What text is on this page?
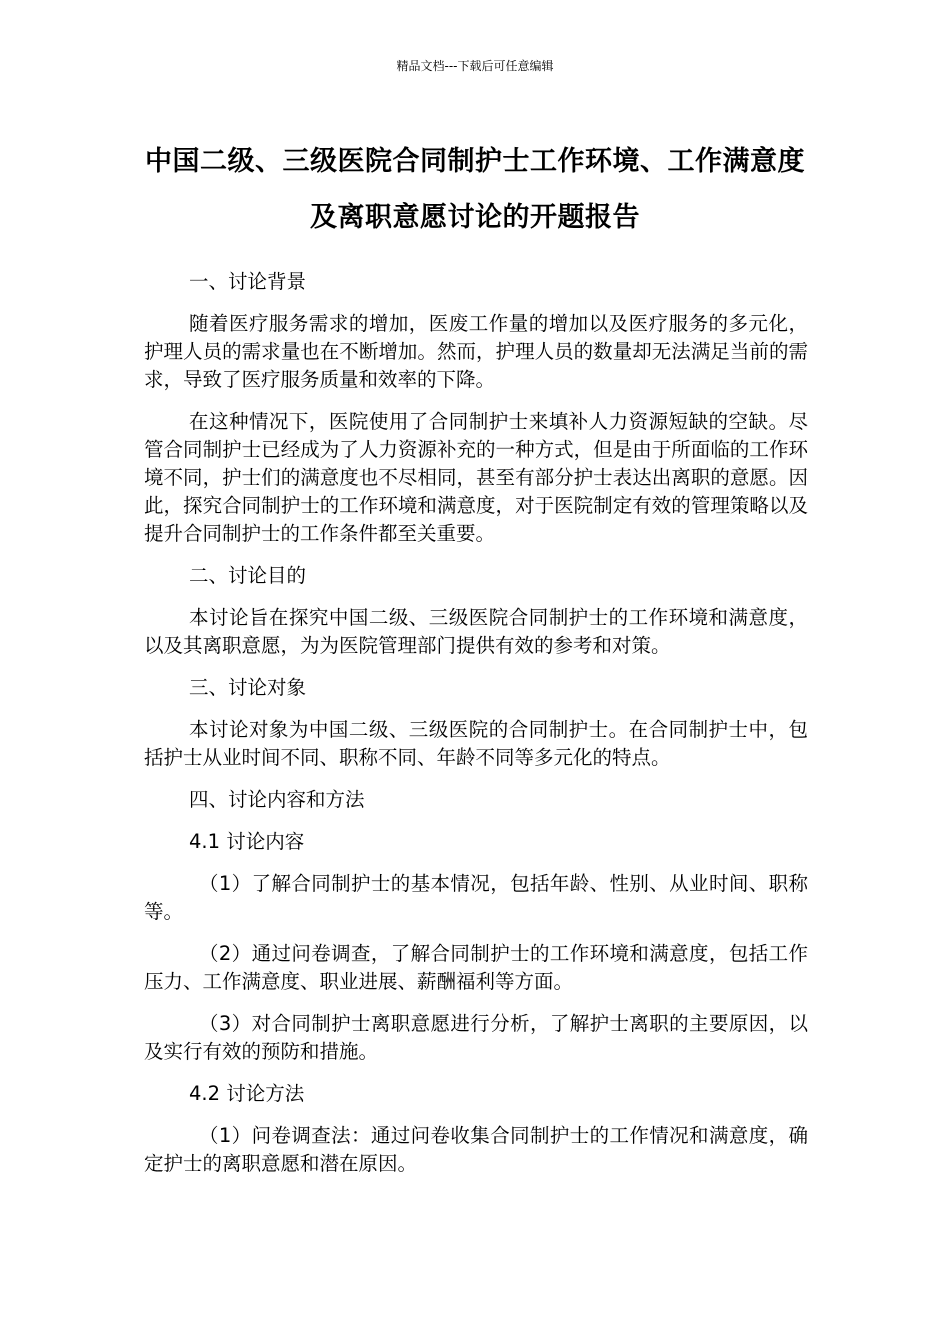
精品文档---下载后可任意编辑
中国二级、三级医院合同制护士工作环境、工作满意度及离职意愿讨论的开题报告

一、讨论背景

随着医疗服务需求的增加，医废工作量的增加以及医疗服务的多元化，护理人员的需求量也在不断增加。然而，护理人员的数量却无法满足当前的需求，导致了医疗服务质量和效率的下降。

在这种情况下，医院使用了合同制护士来填补人力资源短缺的空缺。尽管合同制护士已经成为了人力资源补充的一种方式，但是由于所面临的工作环境不同，护士们的满意度也不尽相同，甚至有部分护士表达出离职的意愿。因此，探究合同制护士的工作环境和满意度，对于医院制定有效的管理策略以及提升合同制护士的工作条件都至关重要。

二、讨论目的

本讨论旨在探究中国二级、三级医院合同制护士的工作环境和满意度，以及其离职意愿，为为医院管理部门提供有效的参考和对策。

三、讨论对象

本讨论对象为中国二级、三级医院的合同制护士。在合同制护士中，包括护士从业时间不同、职称不同、年龄不同等多元化的特点。

四、讨论内容和方法

4.1 讨论内容

（1）了解合同制护士的基本情况，包括年龄、性别、从业时间、职称等。

（2）通过问卷调查，了解合同制护士的工作环境和满意度，包括工作压力、工作满意度、职业进展、薪酬福利等方面。

（3）对合同制护士离职意愿进行分析，了解护士离职的主要原因，以及实行有效的预防和措施。

4.2 讨论方法

（1）问卷调查法：通过问卷收集合同制护士的工作情况和满意度，确定护士的离职意愿和潜在原因。
